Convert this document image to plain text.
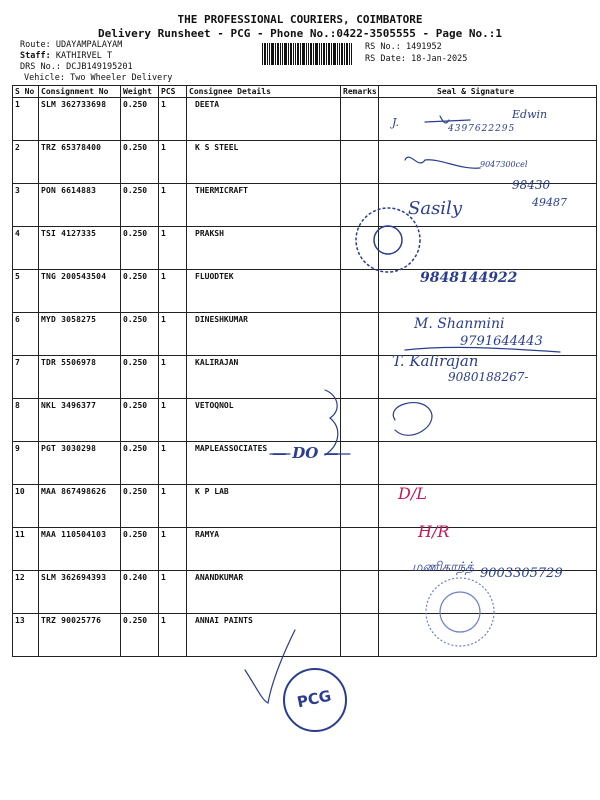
THE PROFESSIONAL COURIERS, COIMBATORE
Delivery Runsheet - PCG - Phone No.:0422-3505555 - Page No.:1
Route: UDAYAMPALAYAM
Staff: KATHIRVEL T
DRS No.: DCJB149195201
Vehicle: Two Wheeler Delivery
RS No.: 1491952
RS Date: 18-Jan-2025
S No	Consignment No	Weight	PCS	Consignee Details	Remarks	Seal & Signature
1	SLM 362733698	0.250	1	DEETA		
2	TRZ 65378400	0.250	1	K S STEEL		
3	PON 6614883	0.250	1	THERMICRAFT		
4	TSI 4127335	0.250	1	PRAKSH		
5	TNG 200543504	0.250	1	FLUODTEK		
6	MYD 3058275	0.250	1	DINESHKUMAR		
7	TDR 5506978	0.250	1	KALIRAJAN		
8	NKL 3496377	0.250	1	VETOQNOL		
9	PGT 3030298	0.250	1	MAPLEASSOCIATES		
10	MAA 867498626	0.250	1	K P LAB		
11	MAA 110504103	0.250	1	RAMYA		
12	SLM 362694393	0.240	1	ANANDKUMAR		
13	TRZ 90025776	0.250	1	ANNAI PAINTS		
Edwin
J.	4397622295
9047300cel
98430
49487
Sasily
9848144922
M. Shanmini
9791644443
T. Kalirajan
9080188267-
— DO —
D/L
H/R
மணிகாந்த் 9003305729
PCG
